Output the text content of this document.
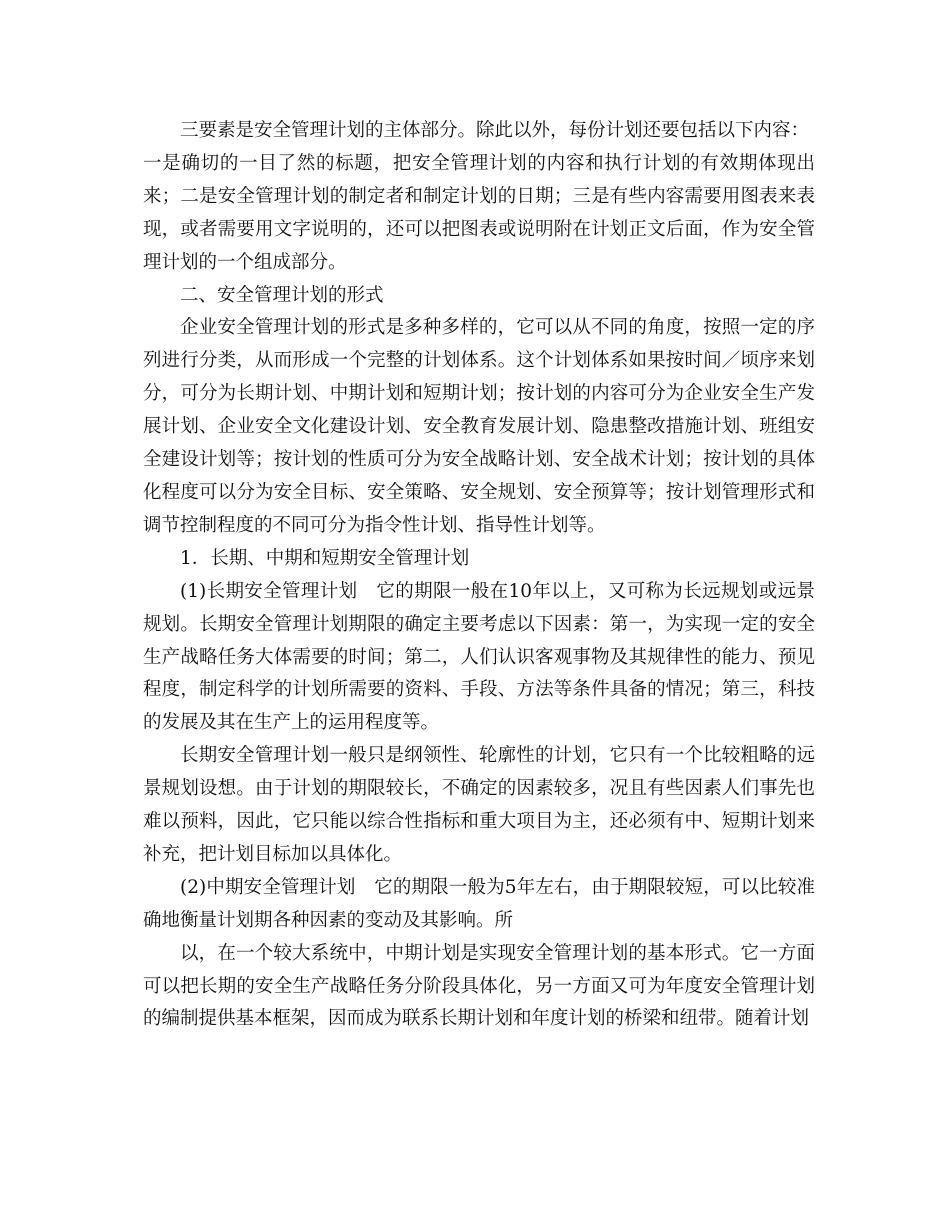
三要素是安全管理计划的主体部分。除此以外，每份计划还要包括以下内容：

一是确切的一目了然的标题，把安全管理计划的内容和执行计划的有效期体现出来；二是安全管理计划的制定者和制定计划的日期；三是有些内容需要用图表来表现，或者需要用文字说明的，还可以把图表或说明附在计划正文后面，作为安全管理计划的一个组成部分。

二、安全管理计划的形式

企业安全管理计划的形式是多种多样的，它可以从不同的角度，按照一定的序列进行分类，从而形成一个完整的计划体系。这个计划体系如果按时间／顷序来划分，可分为长期计划、中期计划和短期计划；按计划的内容可分为企业安全生产发展计划、企业安全文化建设计划、安全教育发展计划、隐患整改措施计划、班组安全建设计划等；按计划的性质可分为安全战略计划、安全战术计划；按计划的具体化程度可以分为安全目标、安全策略、安全规划、安全预算等；按计划管理形式和调节控制程度的不同可分为指令性计划、指导性计划等。

1．长期、中期和短期安全管理计划

(1)长期安全管理计划　它的期限一般在10年以上，又可称为长远规划或远景规划。长期安全管理计划期限的确定主要考虑以下因素：第一，为实现一定的安全生产战略任务大体需要的时间；第二，人们认识客观事物及其规律性的能力、预见程度，制定科学的计划所需要的资料、手段、方法等条件具备的情况；第三，科技的发展及其在生产上的运用程度等。

长期安全管理计划一般只是纲领性、轮廓性的计划，它只有一个比较粗略的远景规划设想。由于计划的期限较长，不确定的因素较多，况且有些因素人们事先也难以预料，因此，它只能以综合性指标和重大项目为主，还必须有中、短期计划来补充，把计划目标加以具体化。

(2)中期安全管理计划　它的期限一般为5年左右，由于期限较短，可以比较准确地衡量计划期各种因素的变动及其影响。所

以，在一个较大系统中，中期计划是实现安全管理计划的基本形式。它一方面可以把长期的安全生产战略任务分阶段具体化，另一方面又可为年度安全管理计划的编制提供基本框架，因而成为联系长期计划和年度计划的桥梁和纽带。随着计划
